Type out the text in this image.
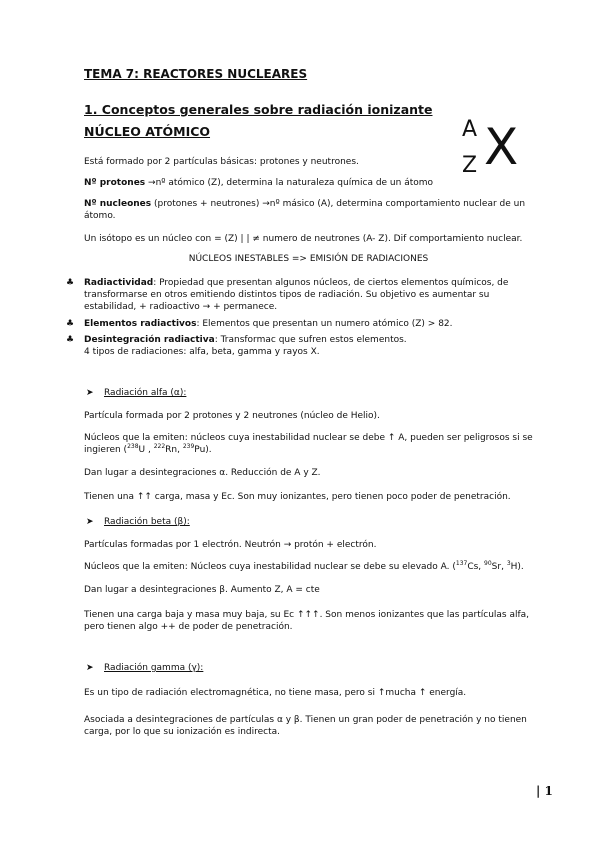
TEMA 7: REACTORES NUCLEARES
1. Conceptos generales sobre radiación ionizante
NÚCLEO ATÓMICO	A
Z X
Está formado por 2 partículas básicas: protones y neutrones.
Nº protones →nº atómico (Z), determina la naturaleza química de un átomo
Nº nucleones (protones + neutrones) →nº másico (A), determina comportamiento nuclear de un
átomo.
Un isótopo es un núcleo con = (Z) | | ≠ numero de neutrones (A- Z). Dif comportamiento nuclear.
NÚCLEOS INESTABLES => EMISIÓN DE RADIACIONES
♣ Radiactividad: Propiedad que presentan algunos núcleos, de ciertos elementos químicos, de
transformarse en otros emitiendo distintos tipos de radiación. Su objetivo es aumentar su
estabilidad, + radioactivo → + permanece.
♣ Elementos radiactivos: Elementos que presentan un numero atómico (Z) > 82.
♣ Desintegración radiactiva: Transformac que sufren estos elementos.
4 tipos de radiaciones: alfa, beta, gamma y rayos X.
➤ Radiación alfa (α):
Partícula formada por 2 protones y 2 neutrones (núcleo de Helio).
Núcleos que la emiten: núcleos cuya inestabilidad nuclear se debe ↑ A, pueden ser peligrosos si se
ingieren ($^{238}$U , $^{222}$Rn, $^{239}$Pu).
Dan lugar a desintegraciones α. Reducción de A y Z.
Tienen una ↑↑ carga, masa y Ec. Son muy ionizantes, pero tienen poco poder de penetración.
➤ Radiación beta (β):
Partículas formadas por 1 electrón. Neutrón → protón + electrón.
Núcleos que la emiten: Núcleos cuya inestabilidad nuclear se debe su elevado A. ($^{137}$Cs, $^{90}$Sr, $^3$H).
Dan lugar a desintegraciones β. Aumento Z, A = cte
Tienen una carga baja y masa muy baja, su Ec ↑↑↑. Son menos ionizantes que las partículas alfa,
pero tienen algo ++ de poder de penetración.
➤ Radiación gamma (γ):
Es un tipo de radiación electromagnética, no tiene masa, pero si ↑mucha ↑ energía.
Asociada a desintegraciones de partículas α y β. Tienen un gran poder de penetración y no tienen
carga, por lo que su ionización es indirecta.
| 1
